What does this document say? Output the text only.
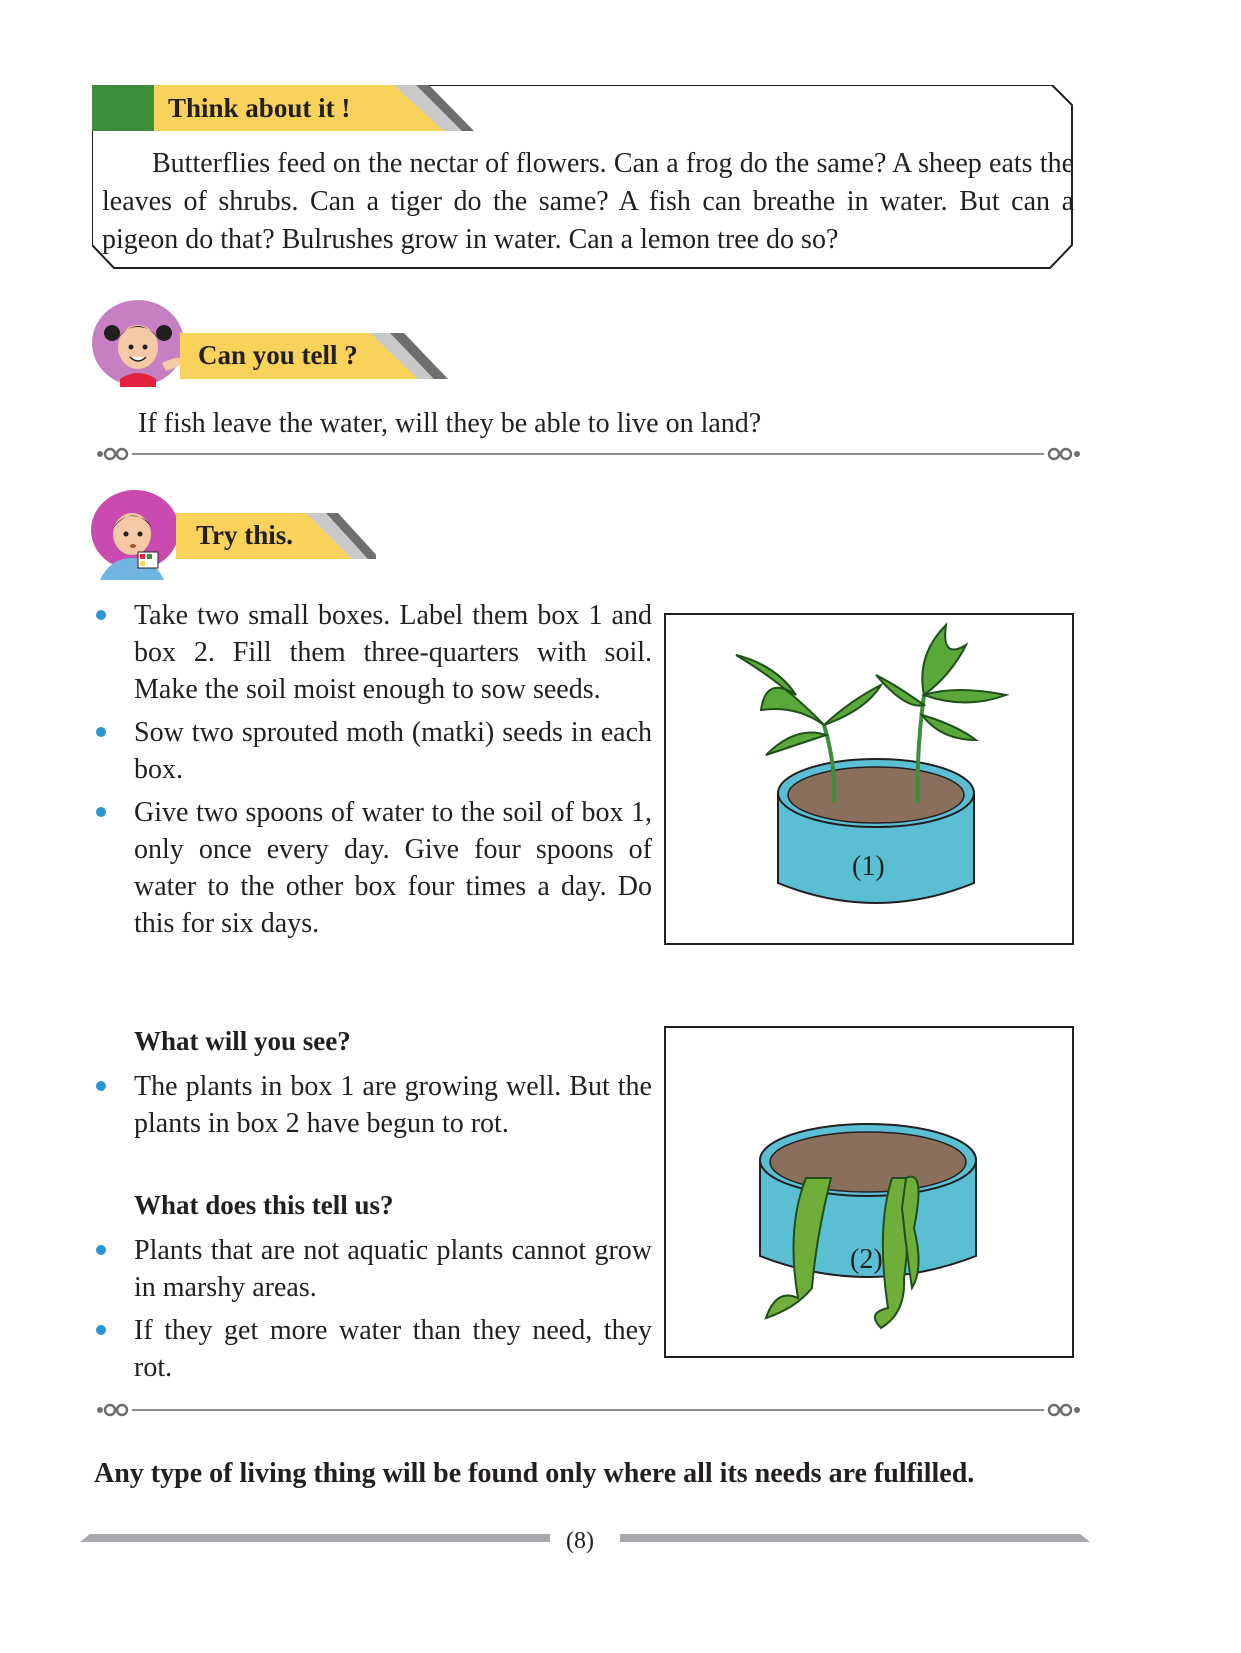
Think about it !

Butterflies feed on the nectar of flowers. Can a frog do the same? A sheep eats the leaves of shrubs. Can a tiger do the same? A fish can breathe in water. But can a pigeon do that? Bulrushes grow in water. Can a lemon tree do so?

Can you tell ?
If fish leave the water, will they be able to live on land?
Try this.
Take two small boxes. Label them box 1 and box 2. Fill them three-quarters with soil. Make the soil moist enough to sow seeds.
Sow two sprouted moth (matki) seeds in each box.
Give two spoons of water to the soil of box 1, only once every day. Give four spoons of water to the other box four times a day. Do this for six days.
What will you see?
The plants in box 1 are growing well. But the plants in box 2 have begun to rot.
What does this tell us?
Plants that are not aquatic plants cannot grow in marshy areas.
If they get more water than they need, they rot.
(1)
(2)
Any type of living thing will be found only where all its needs are fulfilled.
(8)
